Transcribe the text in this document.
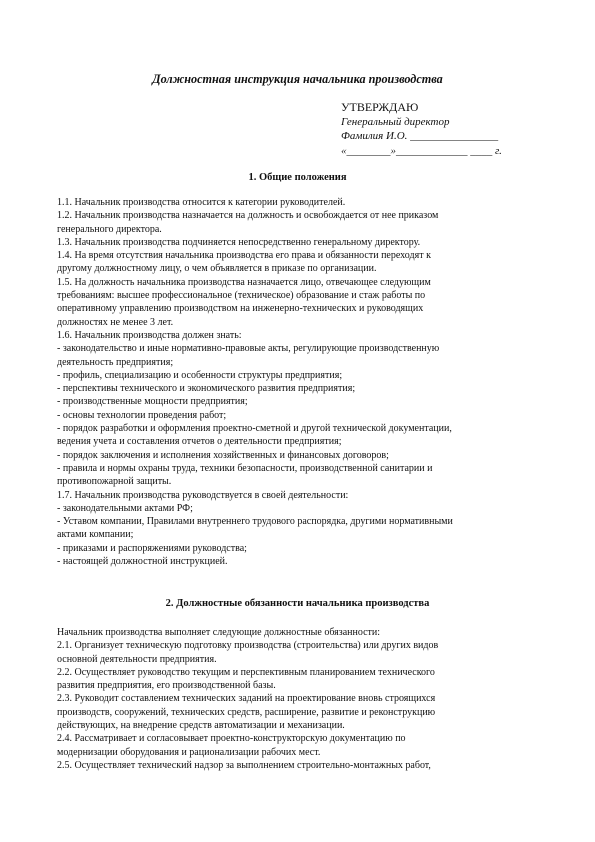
Должностная инструкция начальника производства
УТВЕРЖДАЮ
Генеральный директор
Фамилия И.О. ________________
«________»_____________ ____ г.
1. Общие положения
1.1. Начальник производства относится к категории руководителей.
1.2. Начальник производства назначается на должность и освобождается от нее приказом
генерального директора.
1.3. Начальник производства подчиняется непосредственно генеральному директору.
1.4. На время отсутствия начальника производства его права и обязанности переходят к
другому должностному лицу, о чем объявляется в приказе по организации.
1.5. На должность начальника производства назначается лицо, отвечающее следующим
требованиям: высшее профессиональное (техническое) образование и стаж работы по
оперативному управлению производством на инженерно-технических и руководящих
должностях не менее 3 лет.
1.6. Начальник производства должен знать:
- законодательство и иные нормативно-правовые акты, регулирующие производственную
деятельность предприятия;
- профиль, специализацию и особенности структуры предприятия;
- перспективы технического и экономического развития предприятия;
- производственные мощности предприятия;
- основы технологии проведения работ;
- порядок разработки и оформления проектно-сметной и другой технической документации,
ведения учета и составления отчетов о деятельности предприятия;
- порядок заключения и исполнения хозяйственных и финансовых договоров;
- правила и нормы охраны труда, техники безопасности, производственной санитарии и
противопожарной защиты.
1.7. Начальник производства руководствуется в своей деятельности:
- законодательными актами РФ;
- Уставом компании, Правилами внутреннего трудового распорядка, другими нормативными
актами компании;
- приказами и распоряжениями руководства;
- настоящей должностной инструкцией.
2. Должностные обязанности начальника производства
Начальник производства выполняет следующие должностные обязанности:
2.1. Организует техническую подготовку производства (строительства) или других видов
основной деятельности предприятия.
2.2. Осуществляет руководство текущим и перспективным планированием технического
развития предприятия, его производственной базы.
2.3. Руководит составлением технических заданий на проектирование вновь строящихся
производств, сооружений, технических средств, расширение, развитие и реконструкцию
действующих, на внедрение средств автоматизации и механизации.
2.4. Рассматривает и согласовывает проектно-конструкторскую документацию по
модернизации оборудования и рационализации рабочих мест.
2.5. Осуществляет технический надзор за выполнением строительно-монтажных работ,
